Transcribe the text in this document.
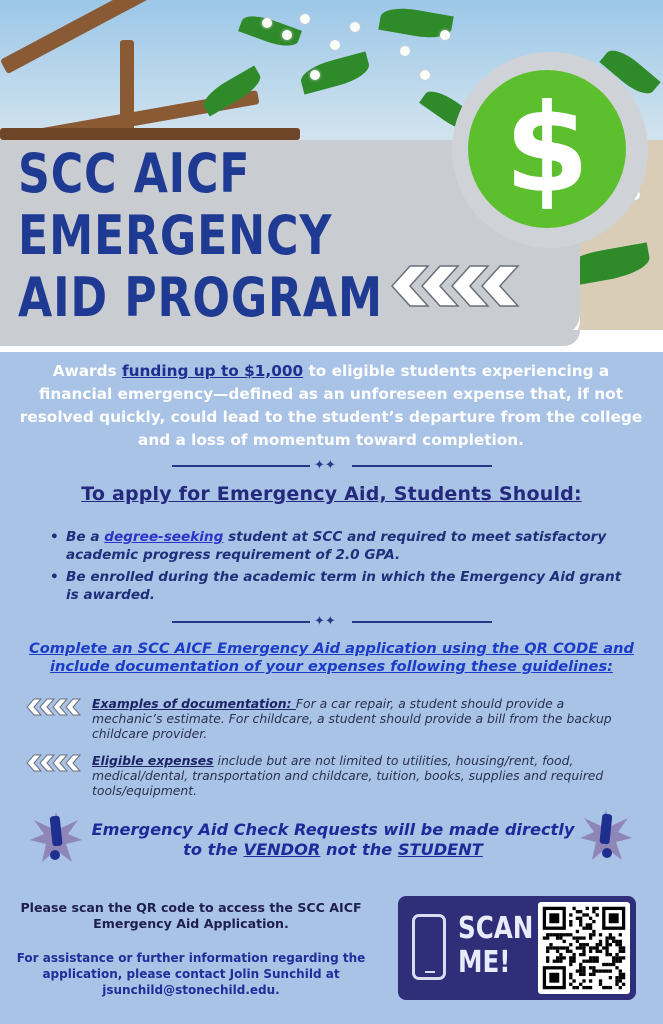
SCC AICF EMERGENCY
AID PROGRAM
$

Awards funding up to $1,000 to eligible students experiencing a financial emergency—defined as an unforeseen expense that, if not resolved quickly, could lead to the student’s departure from the college and a loss of momentum toward completion.

✦✦
To apply for Emergency Aid, Students Should:
• Be a degree-seeking student at SCC and required to meet satisfactory academic progress requirement of 2.0 GPA.
• Be enrolled during the academic term in which the Emergency Aid grant is awarded.
✦✦

Complete an SCC AICF Emergency Aid application using the QR CODE and include documentation of your expenses following these guidelines:

Examples of documentation: For a car repair, a student should provide a mechanic’s estimate. For childcare, a student should provide a bill from the backup childcare provider.

Eligible expenses include but are not limited to utilities, housing/rent, food, medical/dental, transportation and childcare, tuition, books, supplies and required tools/equipment.

Emergency Aid Check Requests will be made directly to the VENDOR not the STUDENT

Please scan the QR code to access the SCC AICF Emergency Aid Application.

For assistance or further information regarding the application, please contact Jolin Sunchild at jsunchild@stonechild.edu.

SCAN
ME!
